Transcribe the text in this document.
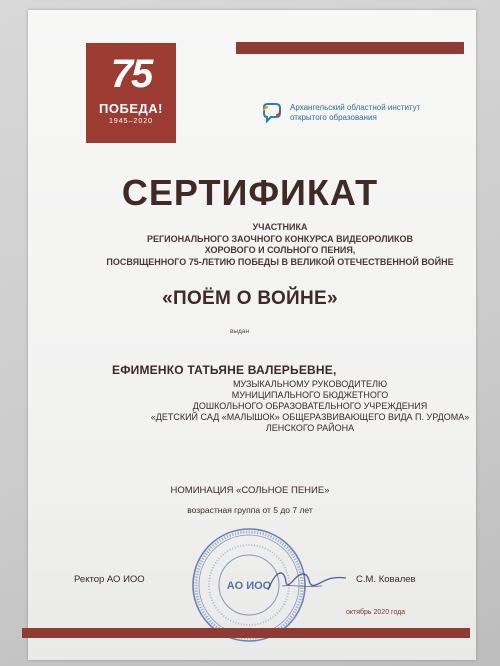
75
ПОБЕДА!
1945–2020
Архангельский областной институт
открытого образования
СЕРТИФИКАТ
УЧАСТНИКА
РЕГИОНАЛЬНОГО ЗАОЧНОГО КОНКУРСА ВИДЕОРОЛИКОВ
ХОРОВОГО И СОЛЬНОГО ПЕНИЯ,
ПОСВЯЩЕННОГО 75-ЛЕТИЮ ПОБЕДЫ В ВЕЛИКОЙ ОТЕЧЕСТВЕННОЙ ВОЙНЕ
«ПОЁМ О ВОЙНЕ»
выдан
ЕФИМЕНКО ТАТЬЯНЕ ВАЛЕРЬЕВНЕ,
МУЗЫКАЛЬНОМУ РУКОВОДИТЕЛЮ
МУНИЦИПАЛЬНОГО БЮДЖЕТНОГО
ДОШКОЛЬНОГО ОБРАЗОВАТЕЛЬНОГО УЧРЕЖДЕНИЯ
«ДЕТСКИЙ САД «МАЛЫШОК» ОБЩЕРАЗВИВАЮЩЕГО ВИДА П. УРДОМА»
ЛЕНСКОГО РАЙОНА
НОМИНАЦИЯ «СОЛЬНОЕ ПЕНИЕ»
возрастная группа от 5 до 7 лет
Ректор АО ИОО
АО ИОО
С.М. Ковалев
октябрь 2020 года
